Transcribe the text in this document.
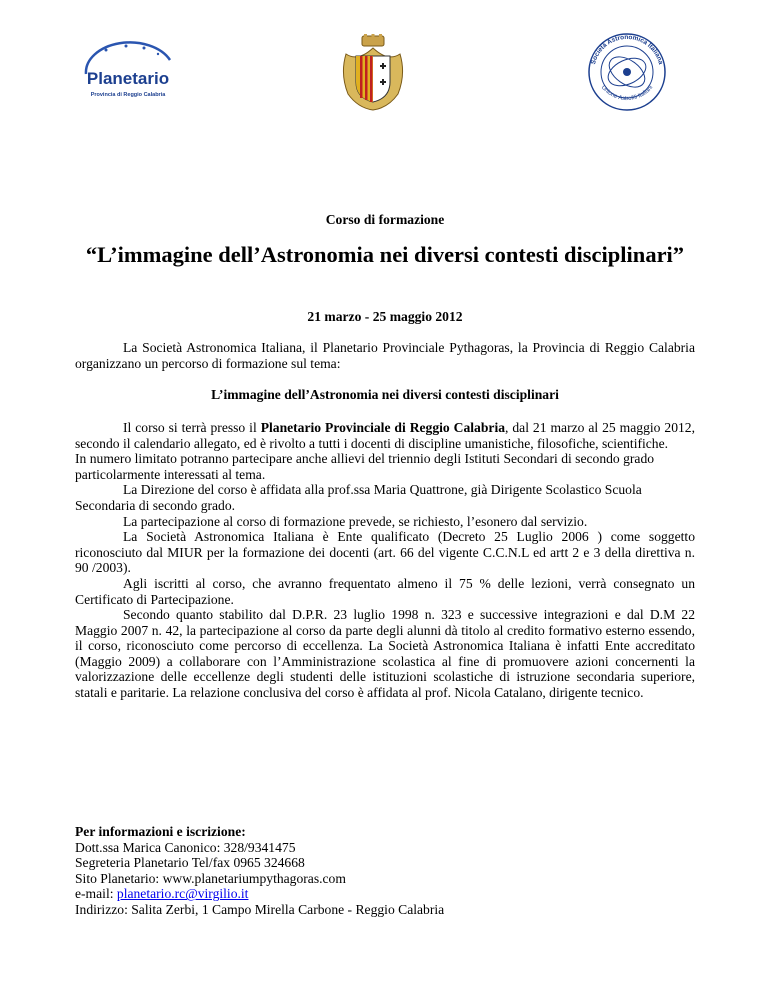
Planetario
Provincia di Reggio Calabria
Società Astronomica Italiana
Unione Astrofili Italiani

Corso di formazione

“L’immagine dell’Astronomia nei diversi contesti disciplinari”

21 marzo - 25 maggio 2012

La Società Astronomica Italiana, il Planetario Provinciale Pythagoras, la Provincia di Reggio Calabria organizzano un percorso di formazione sul tema:

L’immagine dell’Astronomia nei diversi contesti disciplinari

Il corso si terrà presso il Planetario Provinciale di Reggio Calabria, dal 21 marzo al 25 maggio 2012, secondo il calendario allegato, ed è rivolto a tutti i docenti di discipline umanistiche, filosofiche, scientifiche.

In numero limitato potranno partecipare anche allievi del triennio degli Istituti Secondari di secondo grado particolarmente interessati al tema.

La Direzione del corso è affidata alla prof.ssa Maria Quattrone, già Dirigente Scolastico Scuola Secondaria di secondo grado.

La partecipazione al corso di formazione prevede, se richiesto, l’esonero dal servizio.

La Società Astronomica Italiana è Ente qualificato (Decreto 25 Luglio 2006 ) come soggetto riconosciuto dal MIUR per la formazione dei docenti (art. 66 del vigente C.C.N.L ed artt 2 e 3 della direttiva n. 90 /2003).

Agli iscritti al corso, che avranno frequentato almeno il 75 % delle lezioni, verrà consegnato un Certificato di Partecipazione.

Secondo quanto stabilito dal D.P.R. 23 luglio 1998 n. 323 e successive integrazioni e dal D.M 22 Maggio 2007 n. 42, la partecipazione al corso da parte degli alunni dà titolo al credito formativo esterno essendo, il corso, riconosciuto come percorso di eccellenza. La Società Astronomica Italiana è infatti Ente accreditato (Maggio 2009) a collaborare con l’Amministrazione scolastica al fine di promuovere azioni concernenti la valorizzazione delle eccellenze degli studenti delle istituzioni scolastiche di istruzione secondaria superiore, statali e paritarie. La relazione conclusiva del corso è affidata al prof. Nicola Catalano, dirigente tecnico.

Per informazioni e iscrizione:

Dott.ssa Marica Canonico: 328/9341475

Segreteria Planetario Tel/fax 0965 324668

Sito Planetario: www.planetariumpythagoras.com

e-mail: planetario.rc@virgilio.it

Indirizzo: Salita Zerbi, 1 Campo Mirella Carbone - Reggio Calabria
